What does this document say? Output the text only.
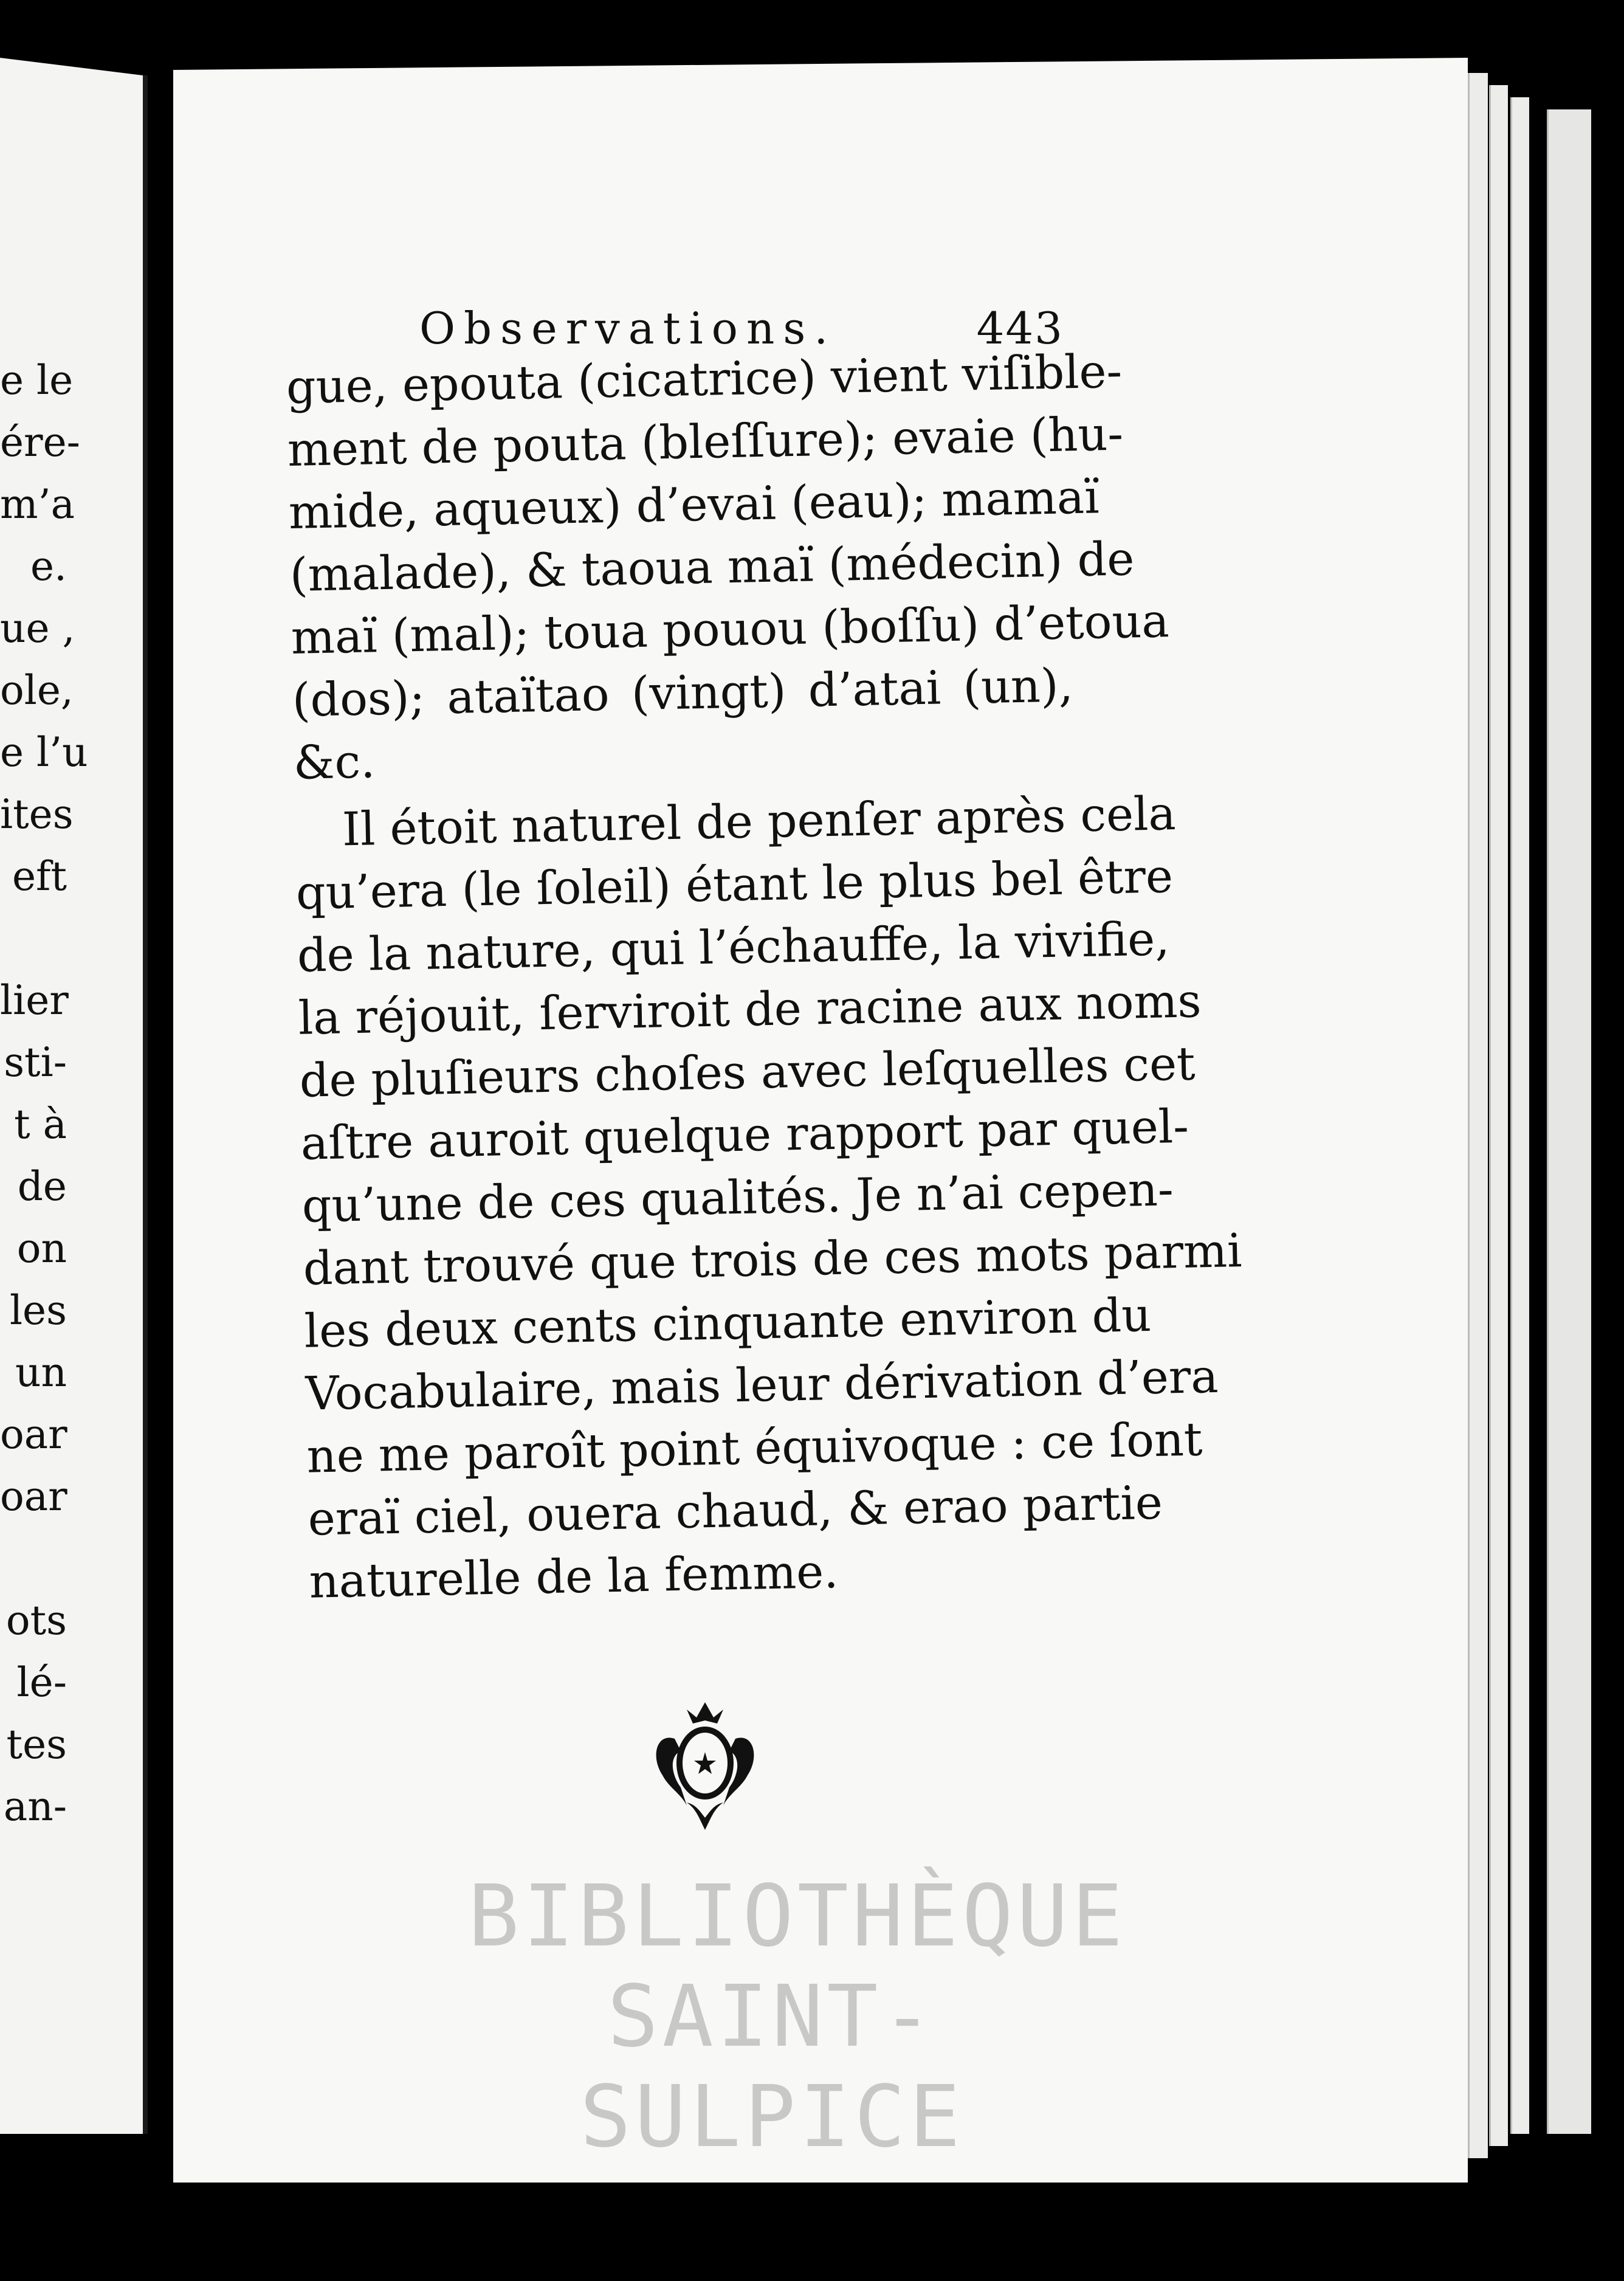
e le
ére-
m’a
e.
ue ,
ole,
e l’u
ites
eft
lier
sti-
t à
de
on
les
un
oar
oar
ots
lé-
tes
an-
Observations.	443
gue, epouta (cicatrice) vient viſible-
ment de pouta (bleſſure); evaie (hu-
mide, aqueux) d’evai (eau); mamaï
(malade), & taoua maï (médecin) de
maï (mal); toua pouou (boſſu) d’etoua
(dos); ataïtao (vingt) d’atai (un),
&c.
Il étoit naturel de penſer après cela
qu’era (le ſoleil) étant le plus bel être
de la nature, qui l’échauffe, la vivifie,
la réjouit, ſerviroit de racine aux noms
de pluſieurs choſes avec leſquelles cet
aſtre auroit quelque rapport par quel-
qu’une de ces qualités. Je n’ai cepen-
dant trouvé que trois de ces mots parmi
les deux cents cinquante environ du
Vocabulaire, mais leur dérivation d’era
ne me paroît point équivoque : ce ſont
eraï ciel, ouera chaud, & erao partie
naturelle de la femme.
BIBLIOTHÈQUE
SAINT-SULPICE
